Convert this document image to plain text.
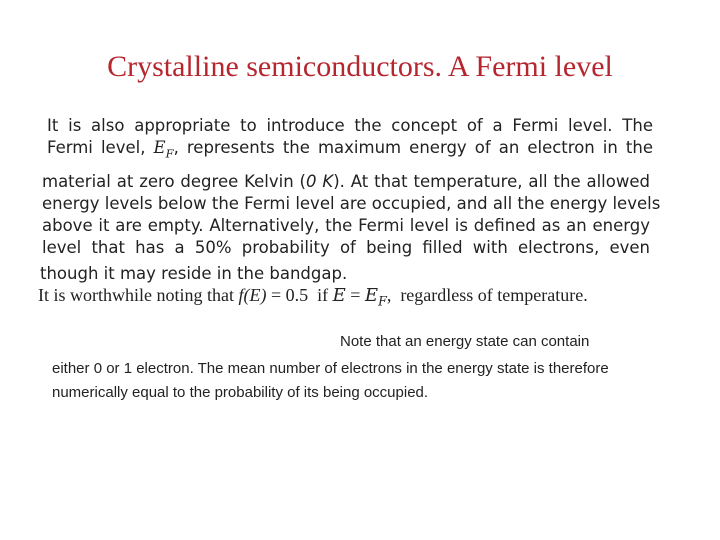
Crystalline semiconductors. A Fermi level
It is also appropriate to introduce the concept of a Fermi level. The
Fermi level, $E_F$, represents the maximum energy of an electron in the
material at zero degree Kelvin (0 K). At that temperature, all the allowed
energy levels below the Fermi level are occupied, and all the energy levels
above it are empty. Alternatively, the Fermi level is defined as an energy
level that has a 50% probability of being filled with electrons, even
though it may reside in the bandgap.
It is worthwhile noting that f(E) = 0.5 if $E = E_F$, regardless of temperature.
Note that an energy state can contain
either 0 or 1 electron. The mean number of electrons in the energy state is therefore
numerically equal to the probability of its being occupied.
